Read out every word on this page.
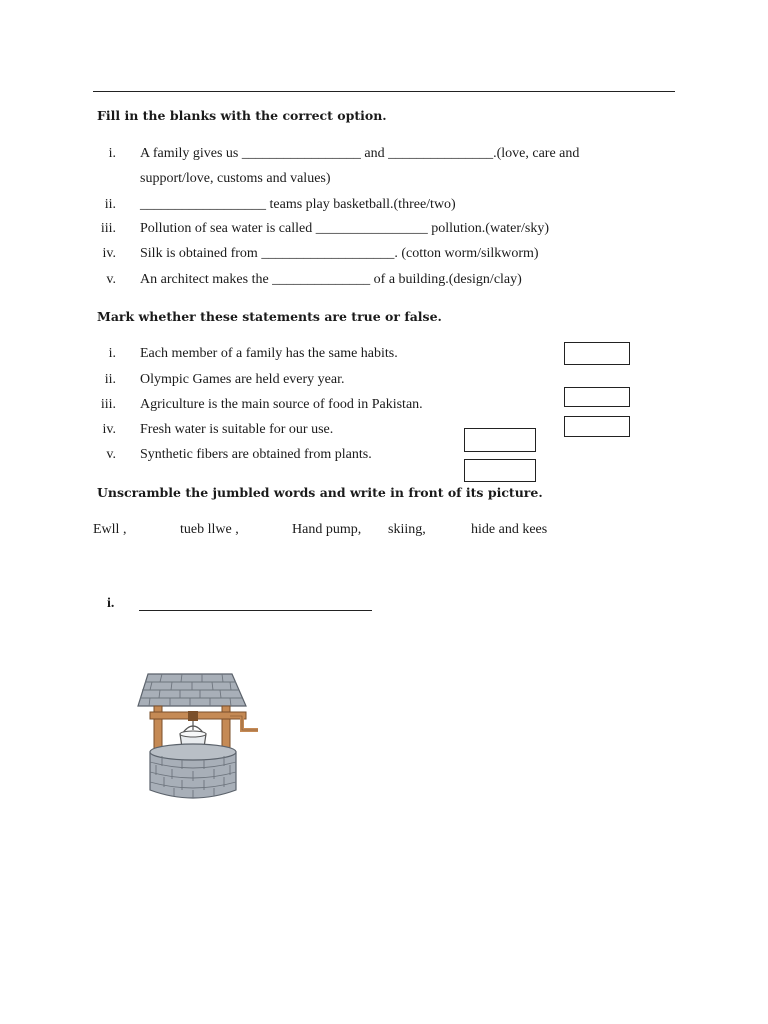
Fill in the blanks with the correct option.
i. A family gives us _________________ and _______________.(love, care and
support/love, customs and values)
ii. __________________ teams play basketball.(three/two)
iii. Pollution of sea water is called ________________ pollution.(water/sky)
iv. Silk is obtained from ___________________. (cotton worm/silkworm)
v. An architect makes the ______________ of a building.(design/clay)
Mark whether these statements are true or false.
i. Each member of a family has the same habits.
ii. Olympic Games are held every year.
iii. Agriculture is the main source of food in Pakistan.
iv. Fresh water is suitable for our use.
v. Synthetic fibers are obtained from plants.
Unscramble the jumbled words and write in front of its picture.
Ewll ,	tueb llwe ,	Hand pump, skiing,	hide and kees
i.
